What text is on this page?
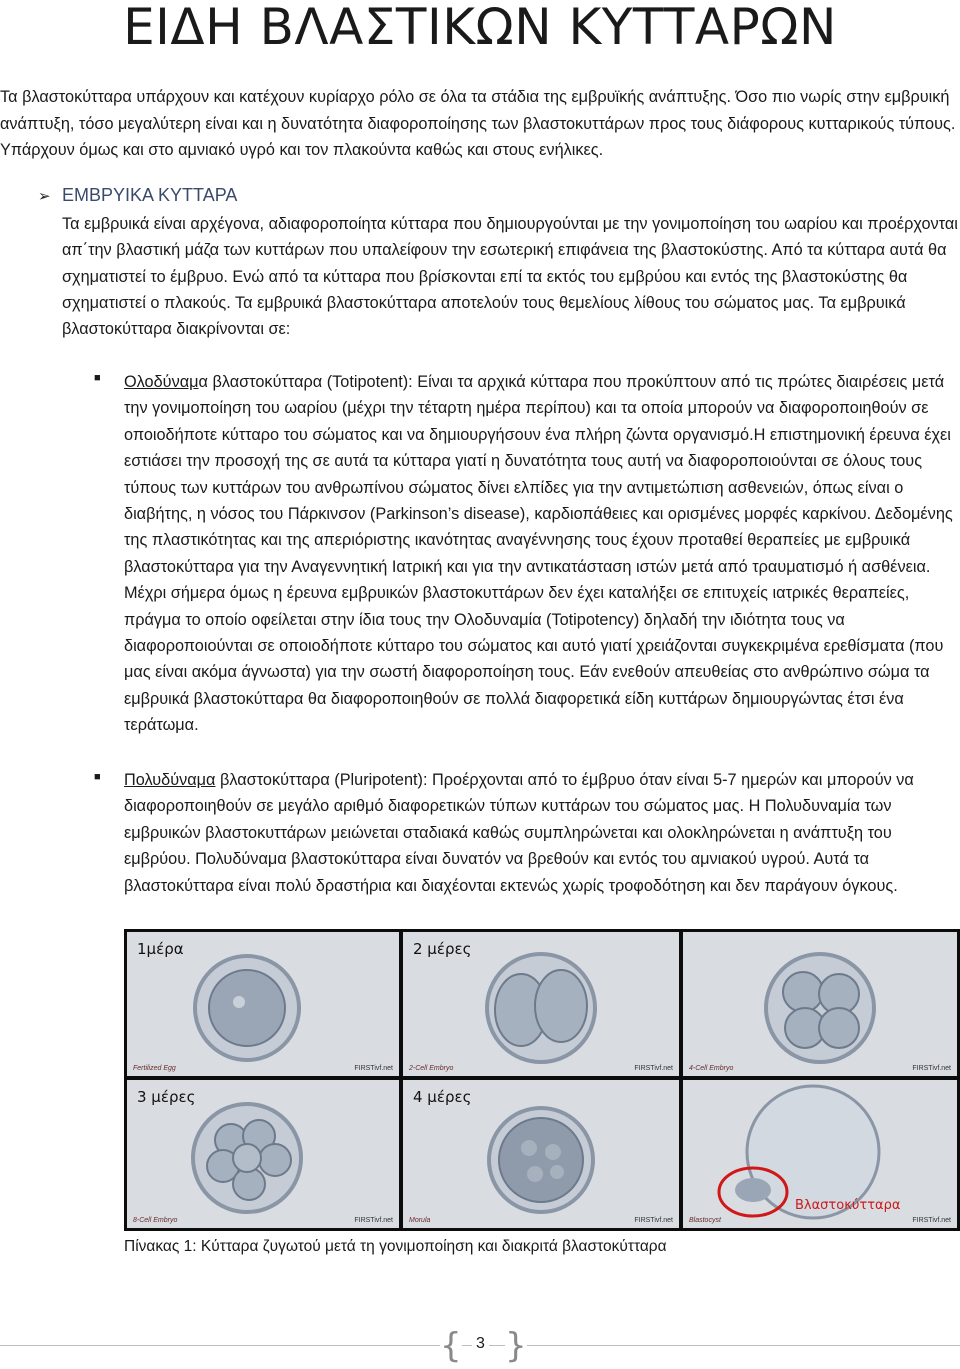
ΕΙΔΗ ΒΛΑΣΤΙΚΩΝ ΚΥΤΤΑΡΩΝ

Τα βλαστοκύτταρα υπάρχουν και κατέχουν κυρίαρχο ρόλο σε όλα τα στάδια της εμβρυϊκής ανάπτυξης. Όσο πιο νωρίς στην εμβρυική ανάπτυξη, τόσο μεγαλύτερη είναι και η δυνατότητα διαφοροποίησης των βλαστοκυττάρων προς τους διάφορους κυτταρικούς τύπους. Υπάρχουν όμως και στο αμνιακό υγρό και τον πλακούντα καθώς και στους ενήλικες.

➢ ΕΜΒΡΥΙΚΑ ΚΥΤΤΑΡΑ

Τα εμβρυικά είναι αρχέγονα, αδιαφοροποίητα κύτταρα που δημιουργούνται με την γονιμοποίηση του ωαρίου και προέρχονται απ΄την βλαστική μάζα των κυττάρων που υπαλείφουν την εσωτερική επιφάνεια της βλαστοκύστης. Από τα κύτταρα αυτά θα σχηματιστεί το έμβρυο. Ενώ από τα κύτταρα που βρίσκονται επί τα εκτός του εμβρύου και εντός της βλαστοκύστης θα σχηματιστεί ο πλακούς. Τα εμβρυικά βλαστοκύτταρα αποτελούν τους θεμελίους λίθους του σώματος μας. Τα εμβρυικά βλαστοκύτταρα διακρίνονται σε:

■ Ολοδύναμα βλαστοκύτταρα (Totipotent): Είναι τα αρχικά κύτταρα που προκύπτουν από τις πρώτες διαιρέσεις μετά την γονιμοποίηση του ωαρίου (μέχρι την τέταρτη ημέρα περίπου) και τα οποία μπορούν να διαφοροποιηθούν σε οποιοδήποτε κύτταρο του σώματος και να δημιουργήσουν ένα πλήρη ζώντα οργανισμό.Η επιστημονική έρευνα έχει εστιάσει την προσοχή της σε αυτά τα κύτταρα γιατί η δυνατότητα τους αυτή να διαφοροποιούνται σε όλους τους τύπους των κυττάρων του ανθρωπίνου σώματος δίνει ελπίδες για την αντιμετώπιση ασθενειών, όπως είναι ο διαβήτης, η νόσος του Πάρκινσον (Parkinson’s disease), καρδιοπάθειες και ορισμένες μορφές καρκίνου. Δεδομένης της πλαστικότητας και της απεριόριστης ικανότητας αναγέννησης τους έχουν προταθεί θεραπείες με εμβρυικά βλαστοκύτταρα για την Αναγεννητική Ιατρική και για την αντικατάσταση ιστών μετά από τραυματισμό ή ασθένεια. Μέχρι σήμερα όμως η έρευνα εμβρυικών βλαστοκυττάρων δεν έχει καταλήξει σε επιτυχείς ιατρικές θεραπείες, πράγμα το οποίο οφείλεται στην ίδια τους την Ολοδυναμία (Totipotency) δηλαδή την ιδιότητα τους να διαφοροποιούνται σε οποιοδήποτε κύτταρο του σώματος και αυτό γιατί χρειάζονται συγκεκριμένα ερεθίσματα (που μας είναι ακόμα άγνωστα) για την σωστή διαφοροποίηση τους. Εάν ενεθούν απευθείας στο ανθρώπινο σώμα τα εμβρυικά βλαστοκύτταρα θα διαφοροποιηθούν σε πολλά διαφορετικά είδη κυττάρων δημιουργώντας έτσι ένα τεράτωμα.

■ Πολυδύναμα βλαστοκύτταρα (Pluripotent): Προέρχονται από το έμβρυο όταν είναι 5-7 ημερών και μπορούν να διαφοροποιηθούν σε μεγάλο αριθμό διαφορετικών τύπων κυττάρων του σώματος μας. Η Πολυδυναμία των εμβρυικών βλαστοκυττάρων μειώνεται σταδιακά καθώς συμπληρώνεται και ολοκληρώνεται η ανάπτυξη του εμβρύου. Πολυδύναμα βλαστοκύτταρα είναι δυνατόν να βρεθούν και εντός του αμνιακού υγρού. Αυτά τα βλαστοκύτταρα είναι πολύ δραστήρια και διαχέονται εκτενώς χωρίς τροφοδότηση και δεν παράγουν όγκους.

1μέρα
Fertilized Egg	FIRSTivf.net
2 μέρες
2-Cell Embryo	FIRSTivf.net 4-Cell Embryo	FIRSTivf.net
3 μέρες
8-Cell Embryo	FIRSTivf.net
4 μέρες
Morula	FIRSTivf.net
Βλαστοκύτταρα
Blastocyst	FIRSTivf.net
Πίνακας 1: Κύτταρα ζυγωτού μετά τη γονιμοποίηση και διακριτά βλαστοκύτταρα
{ 3 }
